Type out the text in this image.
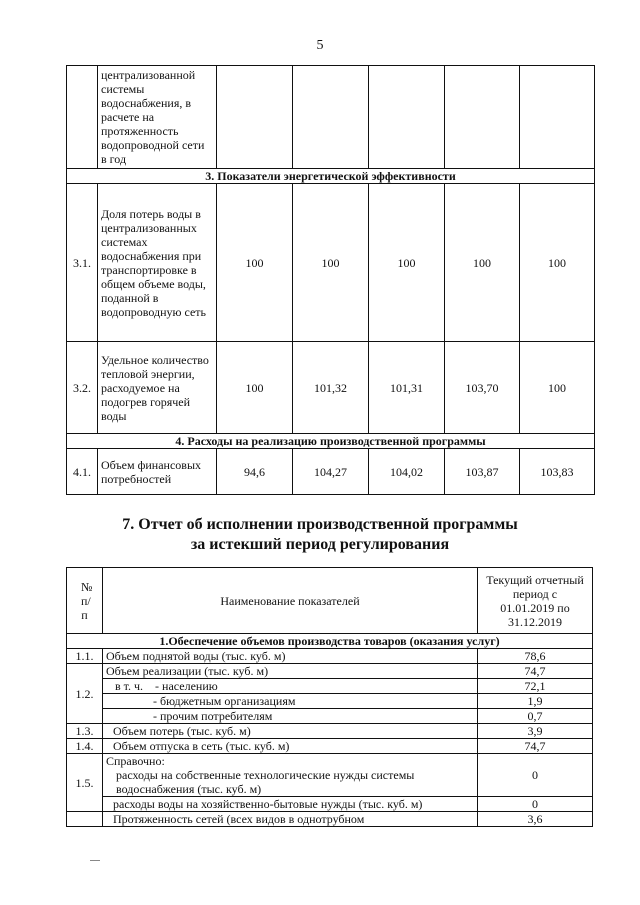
5
	централизованной системы водоснабжения, в расчете на протяженность водопроводной сети в год					
3. Показатели энергетической эффективности						
3.1.	Доля потерь воды в централизованных системах водоснабжения при транспортировке в общем объеме воды, поданной в водопроводную сеть	100	100	100	100	100
3.2.	Удельное количество тепловой энергии, расходуемое на подогрев горячей воды	100	101,32	101,31	103,70	100
4. Расходы на реализацию производственной программы						
4.1.	Объем финансовых потребностей	94,6	104,27	104,02	103,87	103,83
7. Отчет об исполнении производственной программы
за истекший период регулирования
№ п/п	Наименование показателей	Текущий отчетный период с 01.01.2019 по 31.12.2019
1.Обеспечение объемов производства товаров (оказания услуг)		
1.1.	Объем поднятой воды (тыс. куб. м)	78,6
1.2.	Объем реализации (тыс. куб. м)	74,7
	в т. ч.    - населению	72,1
	- бюджетным организациям	1,9
	- прочим потребителям	0,7
1.3.	Объем потерь (тыс. куб. м)	3,9
1.4.	Объем отпуска в сеть (тыс. куб. м)	74,7
1.5.	Справочно:
расходы на собственные технологические нужды системы водоснабжения (тыс. куб. м)	0
	расходы воды на хозяйственно-бытовые нужды (тыс. куб. м)	0
	Протяженность сетей (всех видов в однотрубном	3,6
